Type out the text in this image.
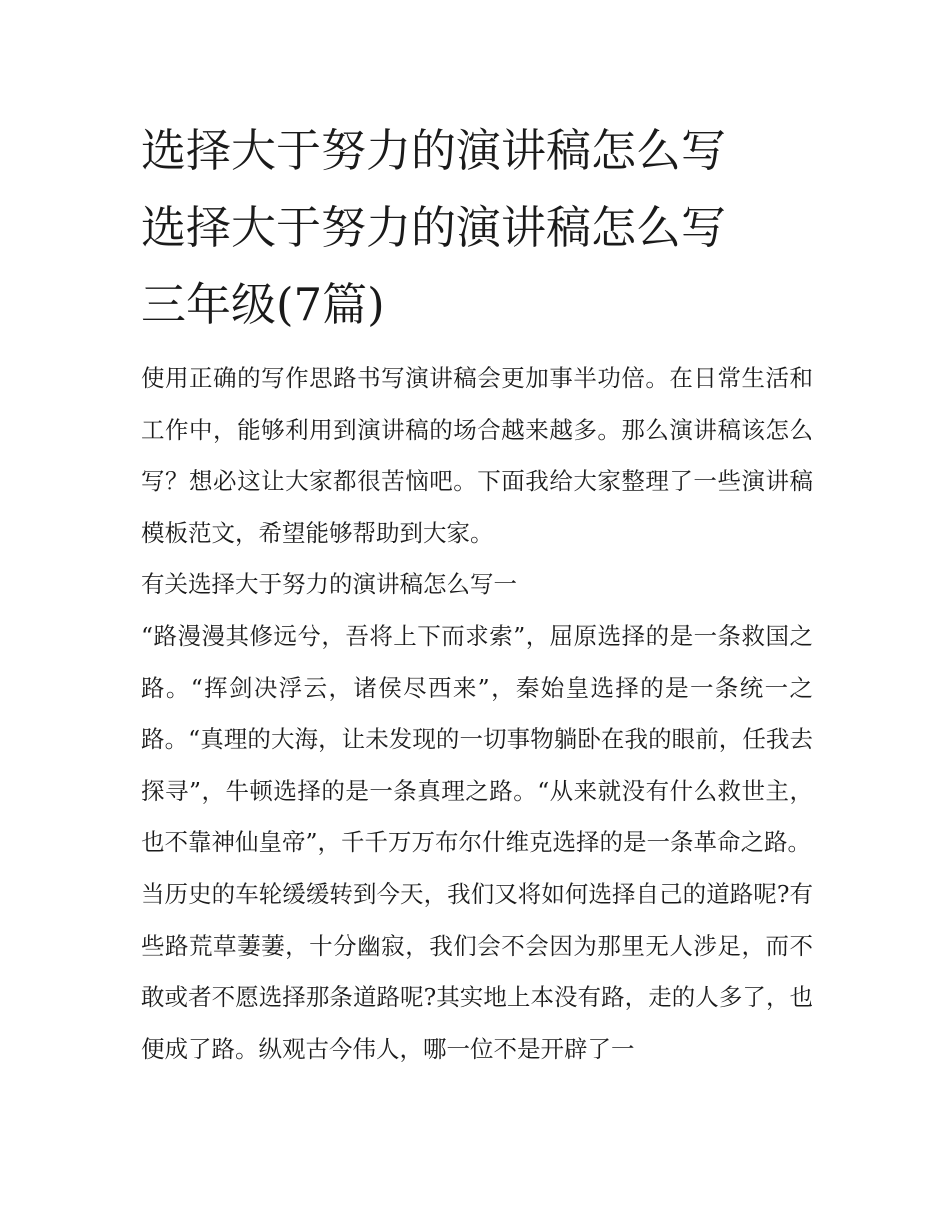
选择大于努力的演讲稿怎么写
选择大于努力的演讲稿怎么写
三年级(7篇)

使用正确的写作思路书写演讲稿会更加事半功倍。在日常生活和工作中，能够利用到演讲稿的场合越来越多。那么演讲稿该怎么写？想必这让大家都很苦恼吧。下面我给大家整理了一些演讲稿模板范文，希望能够帮助到大家。

有关选择大于努力的演讲稿怎么写一

“路漫漫其修远兮，吾将上下而求索”，屈原选择的是一条救国之路。“挥剑决浮云，诸侯尽西来”，秦始皇选择的是一条统一之路。“真理的大海，让未发现的一切事物躺卧在我的眼前，任我去探寻”，牛顿选择的是一条真理之路。“从来就没有什么救世主，也不靠神仙皇帝”，千千万万布尔什维克选择的是一条革命之路。

当历史的车轮缓缓转到今天，我们又将如何选择自己的道路呢?有些路荒草萋萋，十分幽寂，我们会不会因为那里无人涉足，而不敢或者不愿选择那条道路呢?其实地上本没有路，走的人多了，也便成了路。纵观古今伟人，哪一位不是开辟了一
